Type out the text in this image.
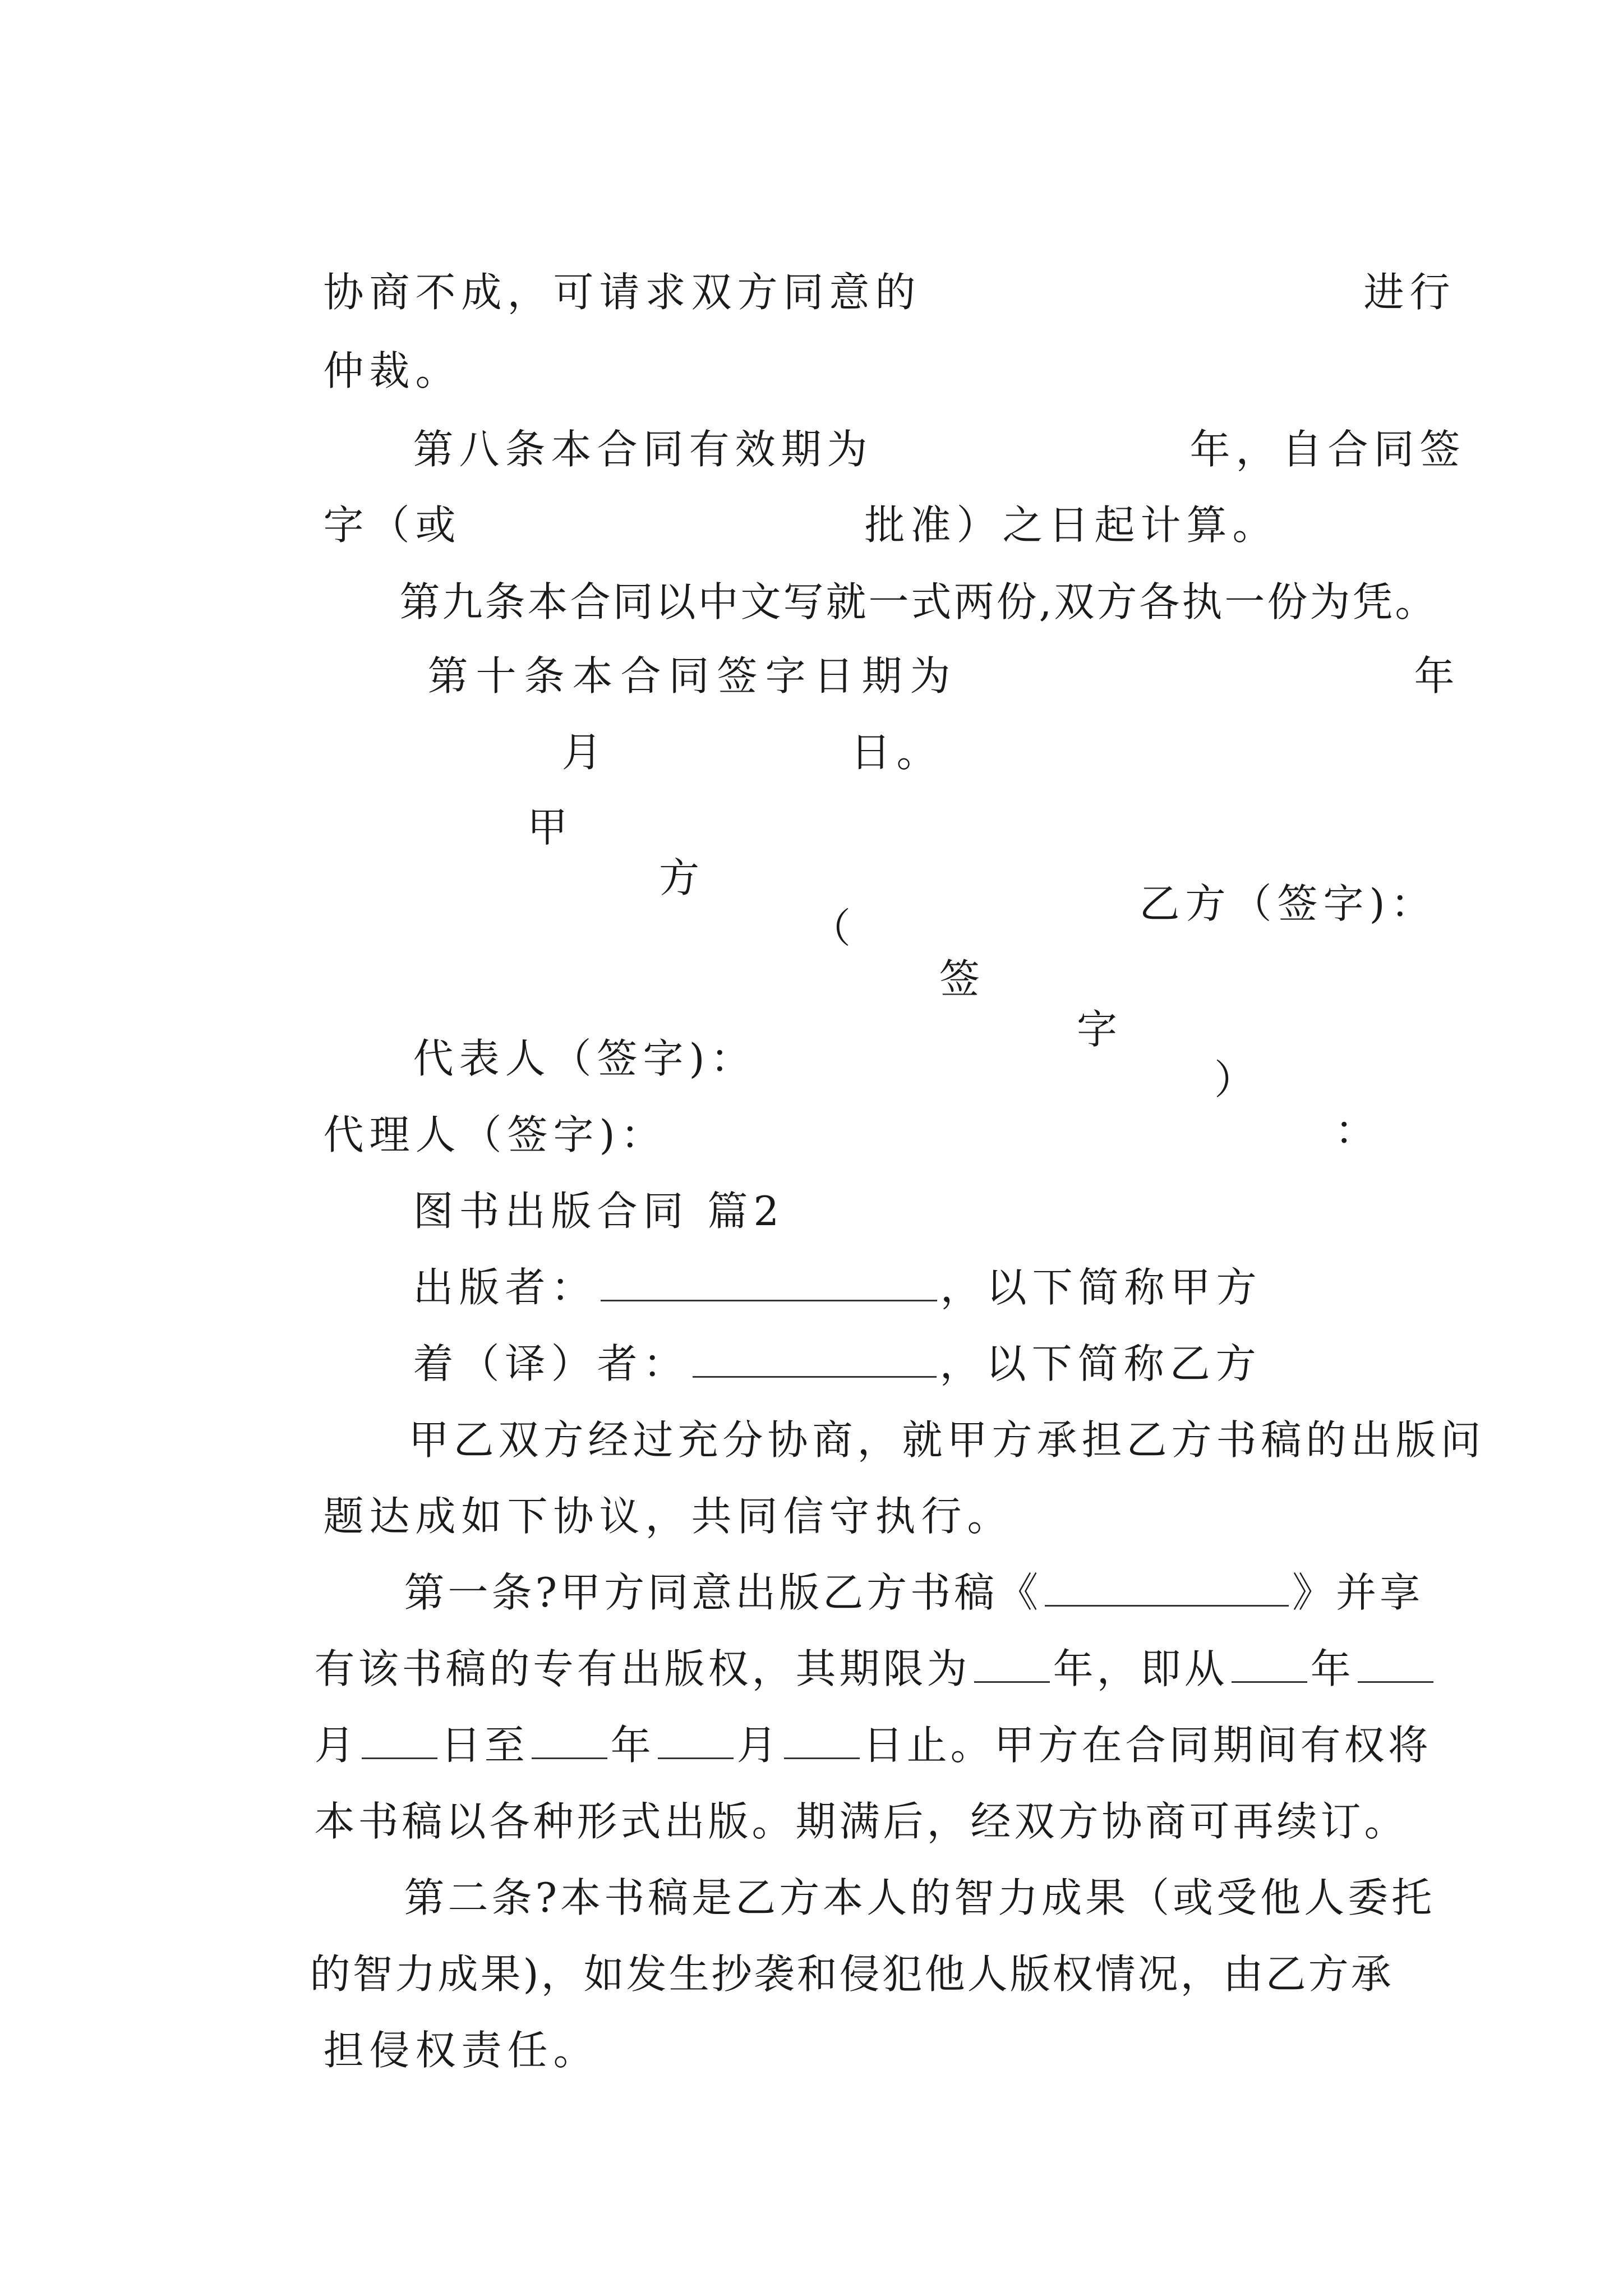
协商不成，可请求双方同意的
	进行

仲裁。

第八条本合同有效期为
	年，自合同签

字（或
	批准）之日起计算。

第九条本合同以中文写就一式两份,双方各执一份为凭。

第十条本合同签字日期为
	年

月
	日。

甲

方

（

签

字

）

：

乙方（签字)：

代表人（签字)：

代理人（签字)：

图书出版合同 篇2

出版者：	，以下简称甲方

着（译）者：	，以下简称乙方

甲乙双方经过充分协商，就甲方承担乙方书稿的出版问

题达成如下协议，共同信守执行。

第一条?甲方同意出版乙方书稿《	》并享

有该书稿的专有出版权，其期限为 年，即从 年

月 日至 年 月 日止。甲方在合同期间有权将

本书稿以各种形式出版。期满后，经双方协商可再续订。

第二条?本书稿是乙方本人的智力成果（或受他人委托

的智力成果)，如发生抄袭和侵犯他人版权情况，由乙方承

担侵权责任。
